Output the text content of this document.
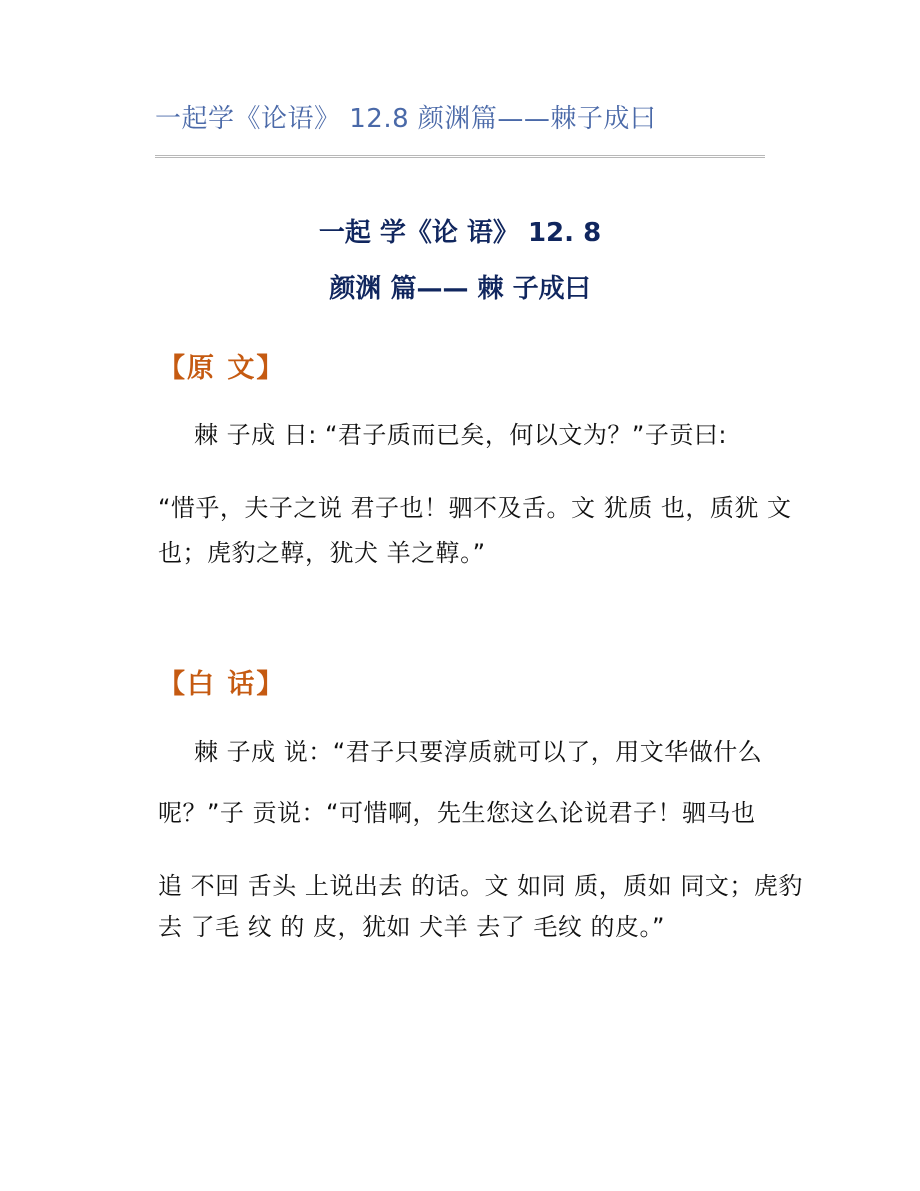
一起学《论语》 12.8 颜渊篇——棘子成曰
一起 学《论 语》 12. 8
颜渊 篇—— 棘 子成曰
【原 文】
棘 子成 日: “君子质而已矣，何以文为？”子贡曰:
“惜乎，夫子之说 君子也！驷不及舌。文 犹质 也，质犹 文
也；虎豹之鞟，犹犬 羊之鞟。”
【白 话】
棘 子成 说：“君子只要淳质就可以了，用文华做什么
呢？”子 贡说：“可惜啊，先生您这么论说君子！驷马也
追 不回 舌头 上说出去 的话。文 如同 质，质如 同文；虎豹
去 了毛 纹 的 皮，犹如 犬羊 去了 毛纹 的皮。”
